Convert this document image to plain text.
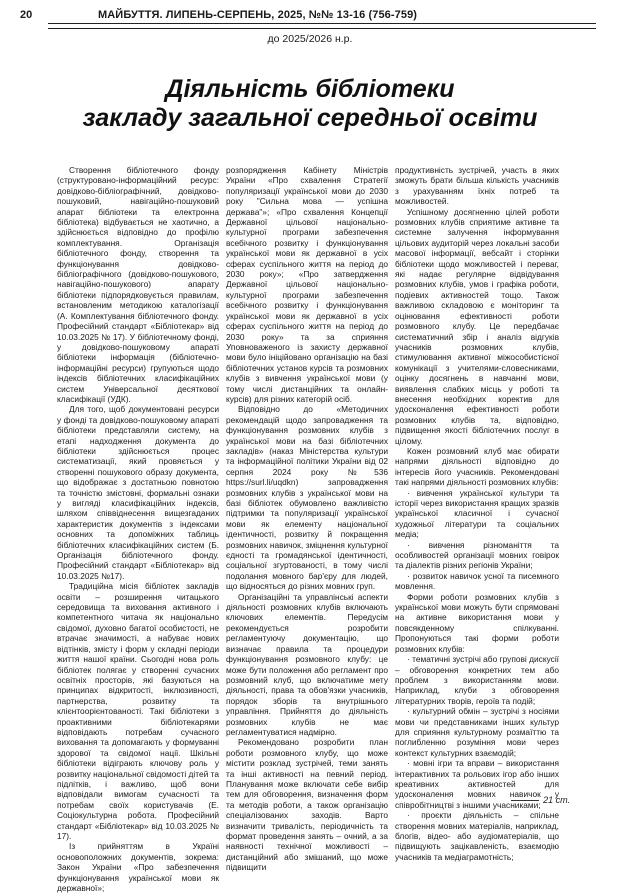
20	МАЙБУТТЯ. ЛИПЕНЬ-СЕРПЕНЬ, 2025, №№ 13-16 (756-759)
до 2025/2026 н.р.
Діяльність бібліотеки
закладу загальної середньої освіти

Створення бібліотечного фонду (структуровано-інформаційний ресурс: довідково-бібліографічний, довідково-пошуковий, навігаційно-пошуковий апарат бібліотеки та електронна бібліотека) відбувається не хаотично, а здійснюється відповідно до профілю комплектування. Організація бібліотечного фонду, створення та функціонування довідково-бібліографічного (довідково-пошукового, навігаційно-пошукового) апарату бібліотеки підпорядковується правилам, встановленим методикою каталогізації (А. Комплектування бібліотечного фонду. Професійний стандарт «Бібліотекар» від 10.03.2025 № 17). У бібліотечному фонді, у довідково-пошуковому апараті бібліотеки інформація (бібліотечно-інформаційні ресурси) групуються щодо індексів бібліотечних класифікаційних систем Універсальної десяткової класифікації (УДК).

Для того, щоб документовані ресурси у фонді та довідково-пошуковому апараті бібліотеки представляли систему, на етапі надходження документа до бібліотеки здійснюється процес систематизації, який провяється у створенні пошукового образу документа, що відображає з достатньою повнотою та точністю змістовні, формальні ознаки у вигляді класифікаційних індексів, шляхом співвіднесення вищезгаданих характеристик документів з індексами основних та допоміжних таблиць бібліотечних класифікаційних систем (Б. Організація бібліотечного фонду. Професійний стандарт «Бібліотекар» від 10.03.2025 №17).

Традиційна місія бібліотек закладів освіти – розширення читацького середовища та виховання активного і компетентного читача як національно свідомої, духовно багатої особистості, не втрачає значимості, а набуває нових відтінків, змісту і форм у складні періоди життя нашої країни. Сьогодні нова роль бібліотек полягає у створенні сучасних освітніх просторів, які базуються на принципах відкритості, інклюзивності, партнерства, розвитку та клієнтоорієнтованості. Такі бібліотеки з проактивними бібліотекарями відповідають потребам сучасного виховання та допомагають у формуванні здорової та свідомої нації. Шкільні бібліотеки відіграють ключову роль у розвитку національної свідомості дітей та підлітків, і важливо, щоб вони відповідали вимогам сучасності та потребам своїх користувачів (Е. Соціокультурна робота. Професійний стандарт «Бібліотекар» від 10.03.2025 № 17).

Із прийняттям в Україні основоположних документів, зокрема: Закон України «Про забезпечення функціонування української мови як державної»;

розпорядження Кабінету Міністрів України «Про схвалення Стратегії популяризації української мови до 2030 року "Сильна мова — успішна держава"»; «Про схвалення Концепції Державної цільової національно-культурної програми забезпечення всебічного розвитку і функціонування української мови як державної в усіх сферах суспільного життя на період до 2030 року»; «Про затвердження Державної цільової національно-культурної програми забезпечення всебічного розвитку і функціонування української мови як державної в усіх сферах суспільного життя на період до 2030 року» та за сприяння Уповноваженого із захисту державної мови було ініційовано організацію на базі бібліотечних установ курсів та розмовних клубів з вивчення української мови (у тому числі дистанційних та онлайн-курсів) для різних категорій осіб.

Відповідно до «Методичних рекомендацій щодо запровадження та функціонування розмовних клубів з української мови на базі бібліотечних закладів» (наказ Міністерства культури та інформаційної політики України від 02 серпня 2024 року №536 https://surl.li/uqdkn) запровадження розмовних клубів з української мови на базі бібліотек обумовлено важливістю підтримки та популяризації української мови як елементу національної ідентичності, розвитку й покращення розмовних навичок, зміцнення культурної єдності та громадянської ідентичності, соціальної згуртованості, в тому числі подолання мовного бар'єру для людей, що відносяться до різних мовних груп.

Організаційні та управлінські аспекти діяльності розмовних клубів включають ключових елементів. Передусім рекомендується розробити регламентуючу документацію, що визначає правила та процедури функціонування розмовного клубу: це може бути положення або регламент про розмовний клуб, що включатиме мету діяльності, права та обов'язки учасників, порядок зборів та внутрішнього управління. Прийняття до діяльність розмовних клубів не має регламентуватися надмірно.

Рекомендовано розробити план роботи розмовного клубу, що може містити розклад зустрічей, теми занять та інші активності на певний період. Планування може включати себе вибір тем для обговорення, визначення форм та методів роботи, а також організацію спеціалізованих заходів. Варто визначити тривалість, періодичність та формат проведення занять – очний, а за наявності технічної можливості – дистанційний або змішаний, що може підвищити

продуктивність зустрічей, участь в яких зможуть брати більша кількість учасників з урахуванням їхніх потреб та можливостей.

Успішному досягненню цілей роботи розмовних клубів сприятиме активне та системне залучення інформування цільових аудиторій через локальні засоби масової інформації, вебсайт і сторінки бібліотеки щодо можливостей і переваг, які надає регулярне відвідування розмовних клубів, умов і графіка роботи, подіевих активностей тощо. Також важливою складовою є моніторинг та оцінювання ефективності роботи розмовного клубу. Це передбачає систематичний збір і аналіз відгуків учасників розмовних клубів, стимулювання активної міжособистісної комунікації з учителями-словесниками, оцінку досягнень в навчанні мови, виявлення слабких місць у роботі та внесення необхідних коректив для удосконалення ефективності роботи розмовних клубів та, відповідно, підвищення якості бібліотечних послуг в цілому.

Кожен розмовний клуб має обирати напрями діяльності відповідно до інтересів його учасників. Рекомендовані такі напрями діяльності розмовних клубів:

· вивчення української культури та історії через використання кращих зразків української класичної і сучасної художньої літератури та соціальних медіа;

· вивчення різноманіття та особливостей організації мовних говірок та діалектів різних регіонів України;

· розвиток навичок усної та писемного мовлення.

Форми роботи розмовних клубів з української мови можуть бути спрямовані на активне використання мови у повсякденному спілкуванні. Пропонуються такі форми роботи розмовних клубів:

· тематичні зустрічі або групові дискусії – обговорення конкретних тем або проблем з використанням мови. Наприклад, клуби з обговорення літературних творів, героїв та подій;

· культурний обмін – зустрічі з носіями мови чи представниками інших культур для сприяння культурному розмаїттю та поглибленню розуміння мови через контекст культурних взаємодій;

· мовні ігри та вправи – використання інтерактивних та рольових ігор або інших креативних активностей для удосконалення мовних навичок у співробітництві з іншими учасниками;

· проєкти діяльність – спільне створення мовних матеріалів, наприклад, блогів, відео- або аудіоматеріалів, що підвищують зацікавленість, взаємодію учасників та медіаграмотність;

21 ст.
